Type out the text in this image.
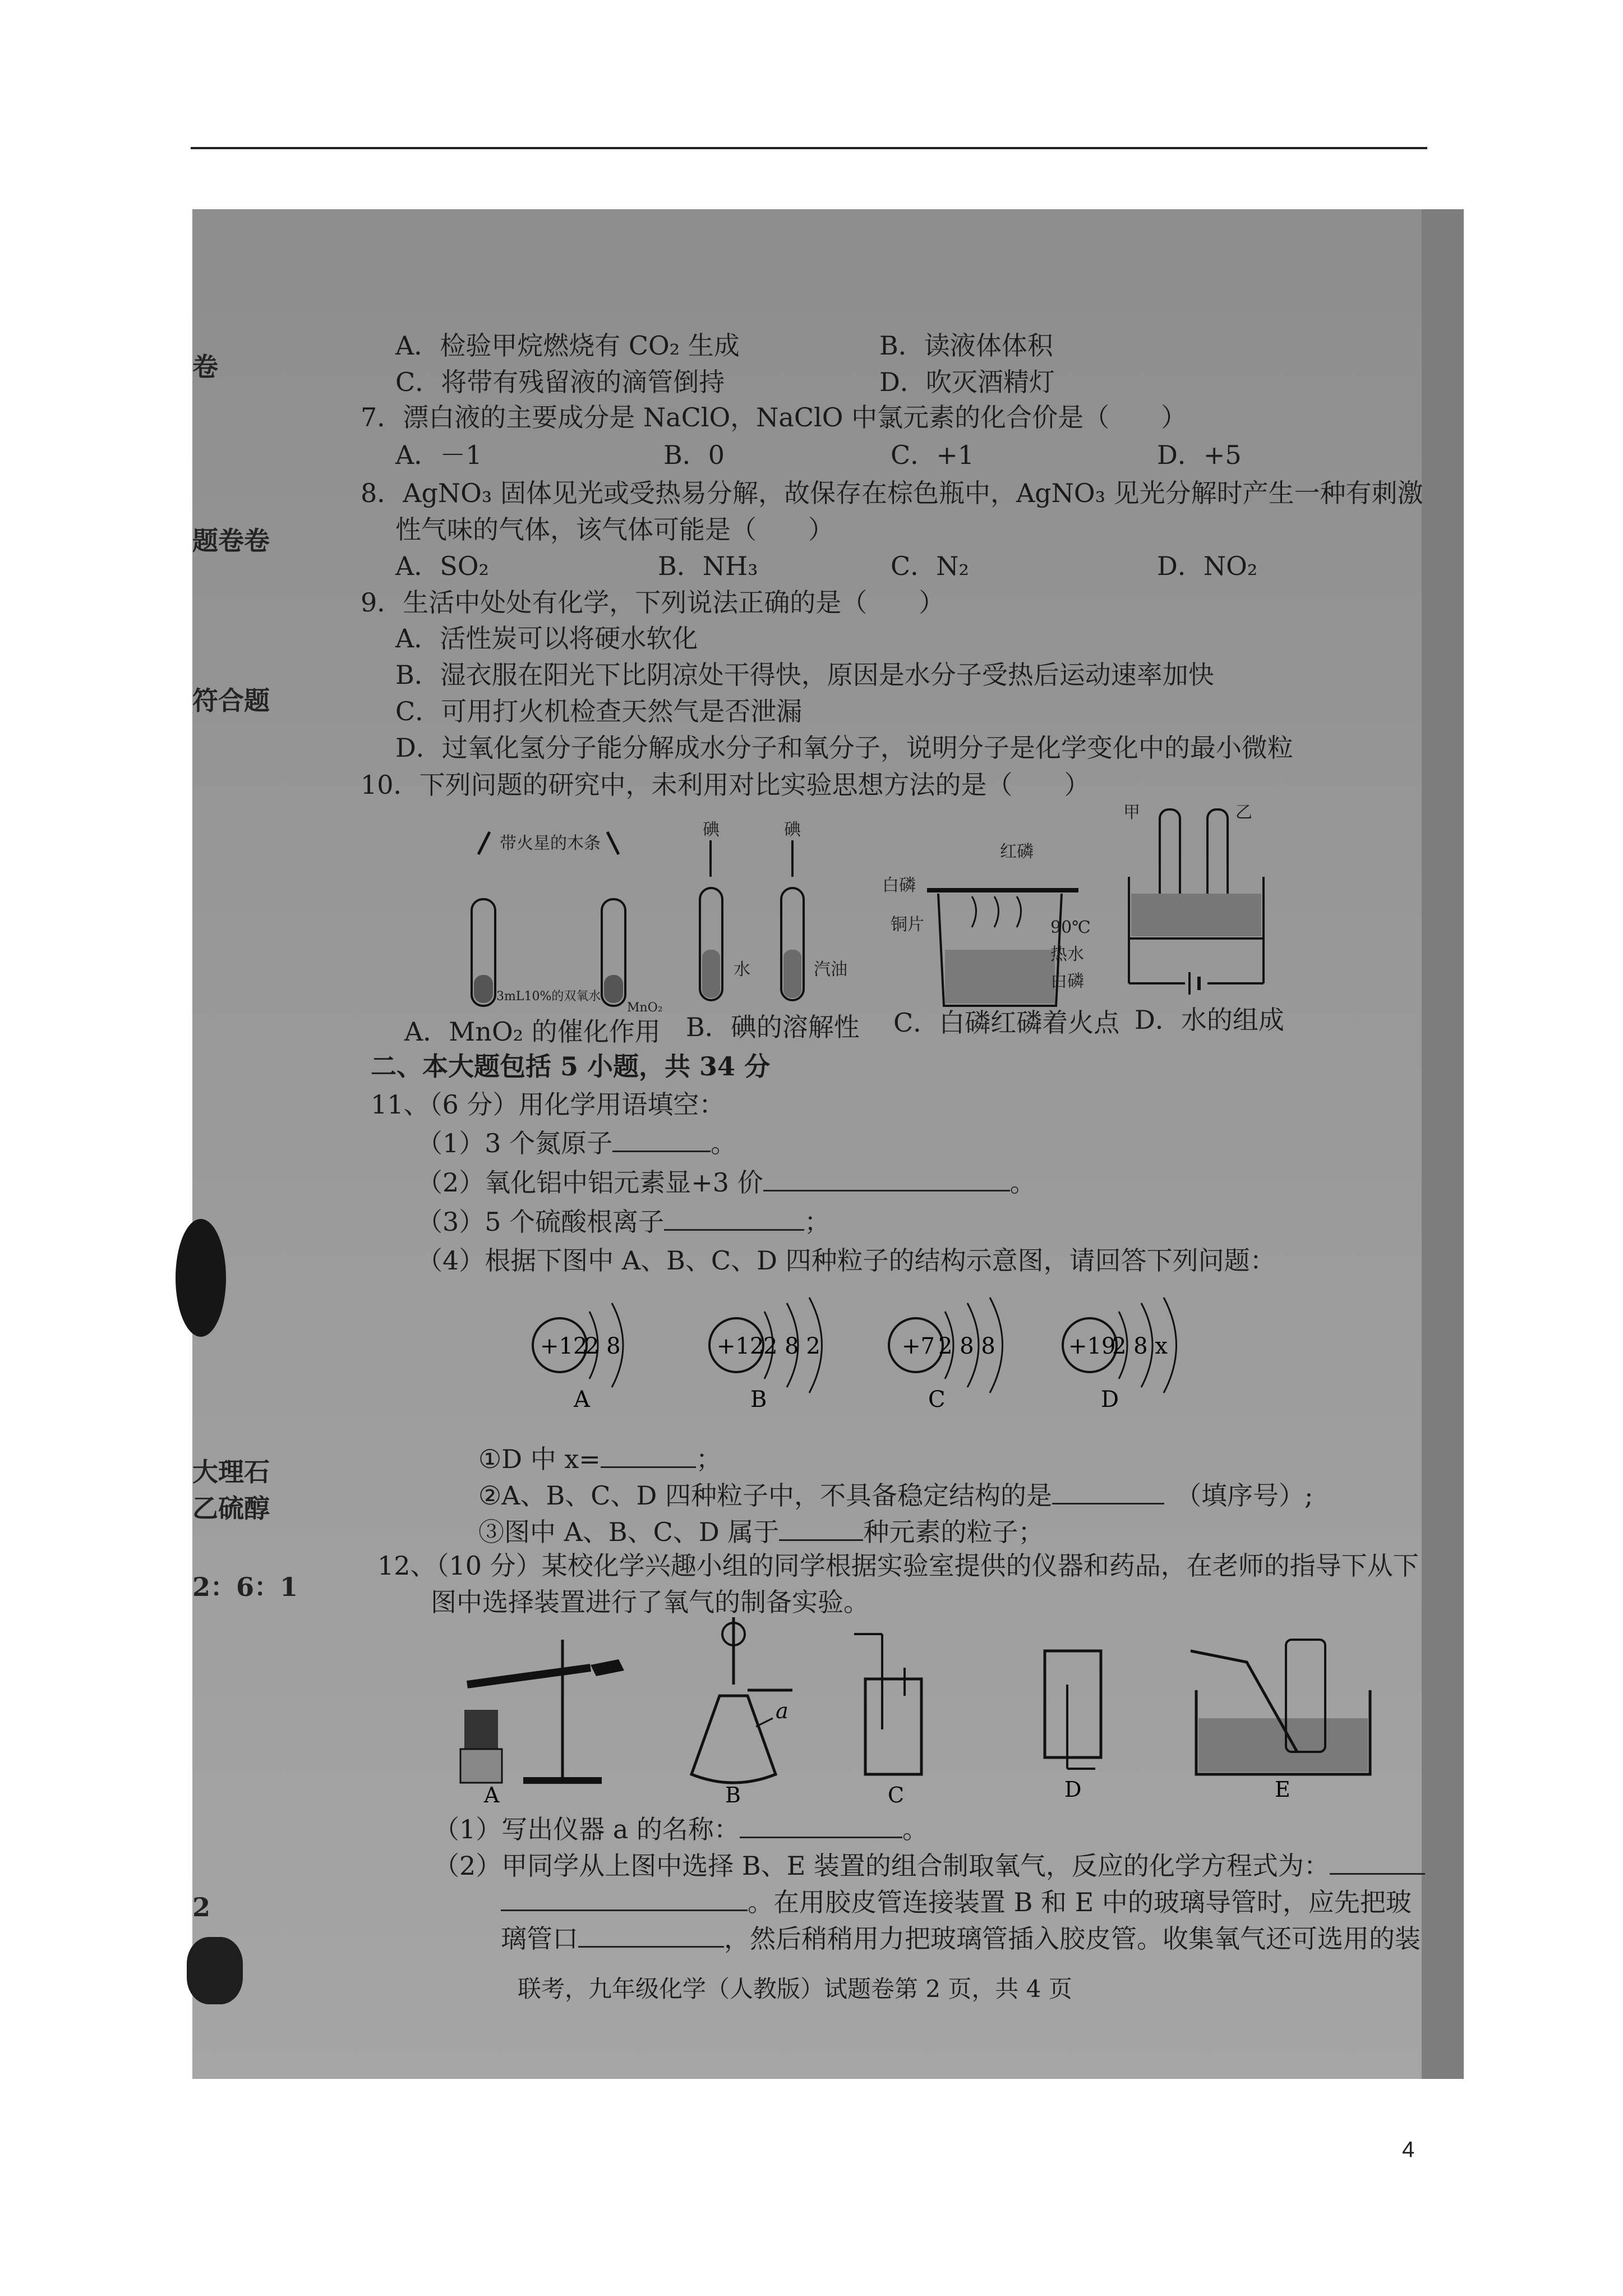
卷
题卷卷
符合题
大理石
乙硫醇
2：6：1
2
A．检验甲烷燃烧有 CO₂ 生成	B．读液体体积
C．将带有残留液的滴管倒持	D．吹灭酒精灯
7．漂白液的主要成分是 NaClO，NaClO 中氯元素的化合价是（　　）
A．－1	B．0	C．+1	D．+5
8．AgNO₃ 固体见光或受热易分解，故保存在棕色瓶中，AgNO₃ 见光分解时产生一种有刺激
性气味的气体，该气体可能是（　　）
A．SO₂	B．NH₃	C．N₂	D．NO₂
9．生活中处处有化学，下列说法正确的是（　　）
A．活性炭可以将硬水软化
B．湿衣服在阳光下比阴凉处干得快，原因是水分子受热后运动速率加快
C．可用打火机检查天然气是否泄漏
D．过氧化氢分子能分解成水分子和氧分子，说明分子是化学变化中的最小微粒
10．下列问题的研究中，未利用对比实验思想方法的是（　　）
带火星的木条
3mL10%的双氧水
MnO₂
碘	碘
水	汽油
红磷
白磷
铜片	90℃
热水
白磷
甲	乙
A．MnO₂ 的催化作用 B．碘的溶解性 C．白磷红磷着火点 D．水的组成
二、本大题包括 5 小题，共 34 分
11、（6 分）用化学用语填空：
（1）3 个氮原子	。
（2）氧化铝中铝元素显+3 价	。
（3）5 个硫酸根离子	；
（4）根据下图中 A、B、C、D 四种粒子的结构示意图，请回答下列问题：
+12
2 8
A
+12
2 8 2
B
+7 2 8 8
C
+19
2 8 x
D
①D 中 x=	；
②A、B、C、D 四种粒子中，不具备稳定结构的是	（填序号）;
③图中 A、B、C、D 属于	种元素的粒子；
12、（10 分）某校化学兴趣小组的同学根据实验室提供的仪器和药品，在老师的指导下从下
图中选择装置进行了氧气的制备实验。
A
a
B	C	D	E
（1）写出仪器 a 的名称：	。
（2）甲同学从上图中选择 B、E 装置的组合制取氧气，反应的化学方程式为：
。在用胶皮管连接装置 B 和 E 中的玻璃导管时，应先把玻
璃管口	，然后稍稍用力把玻璃管插入胶皮管。收集氧气还可选用的装
联考，九年级化学（人教版）试题卷第 2 页，共 4 页
4
